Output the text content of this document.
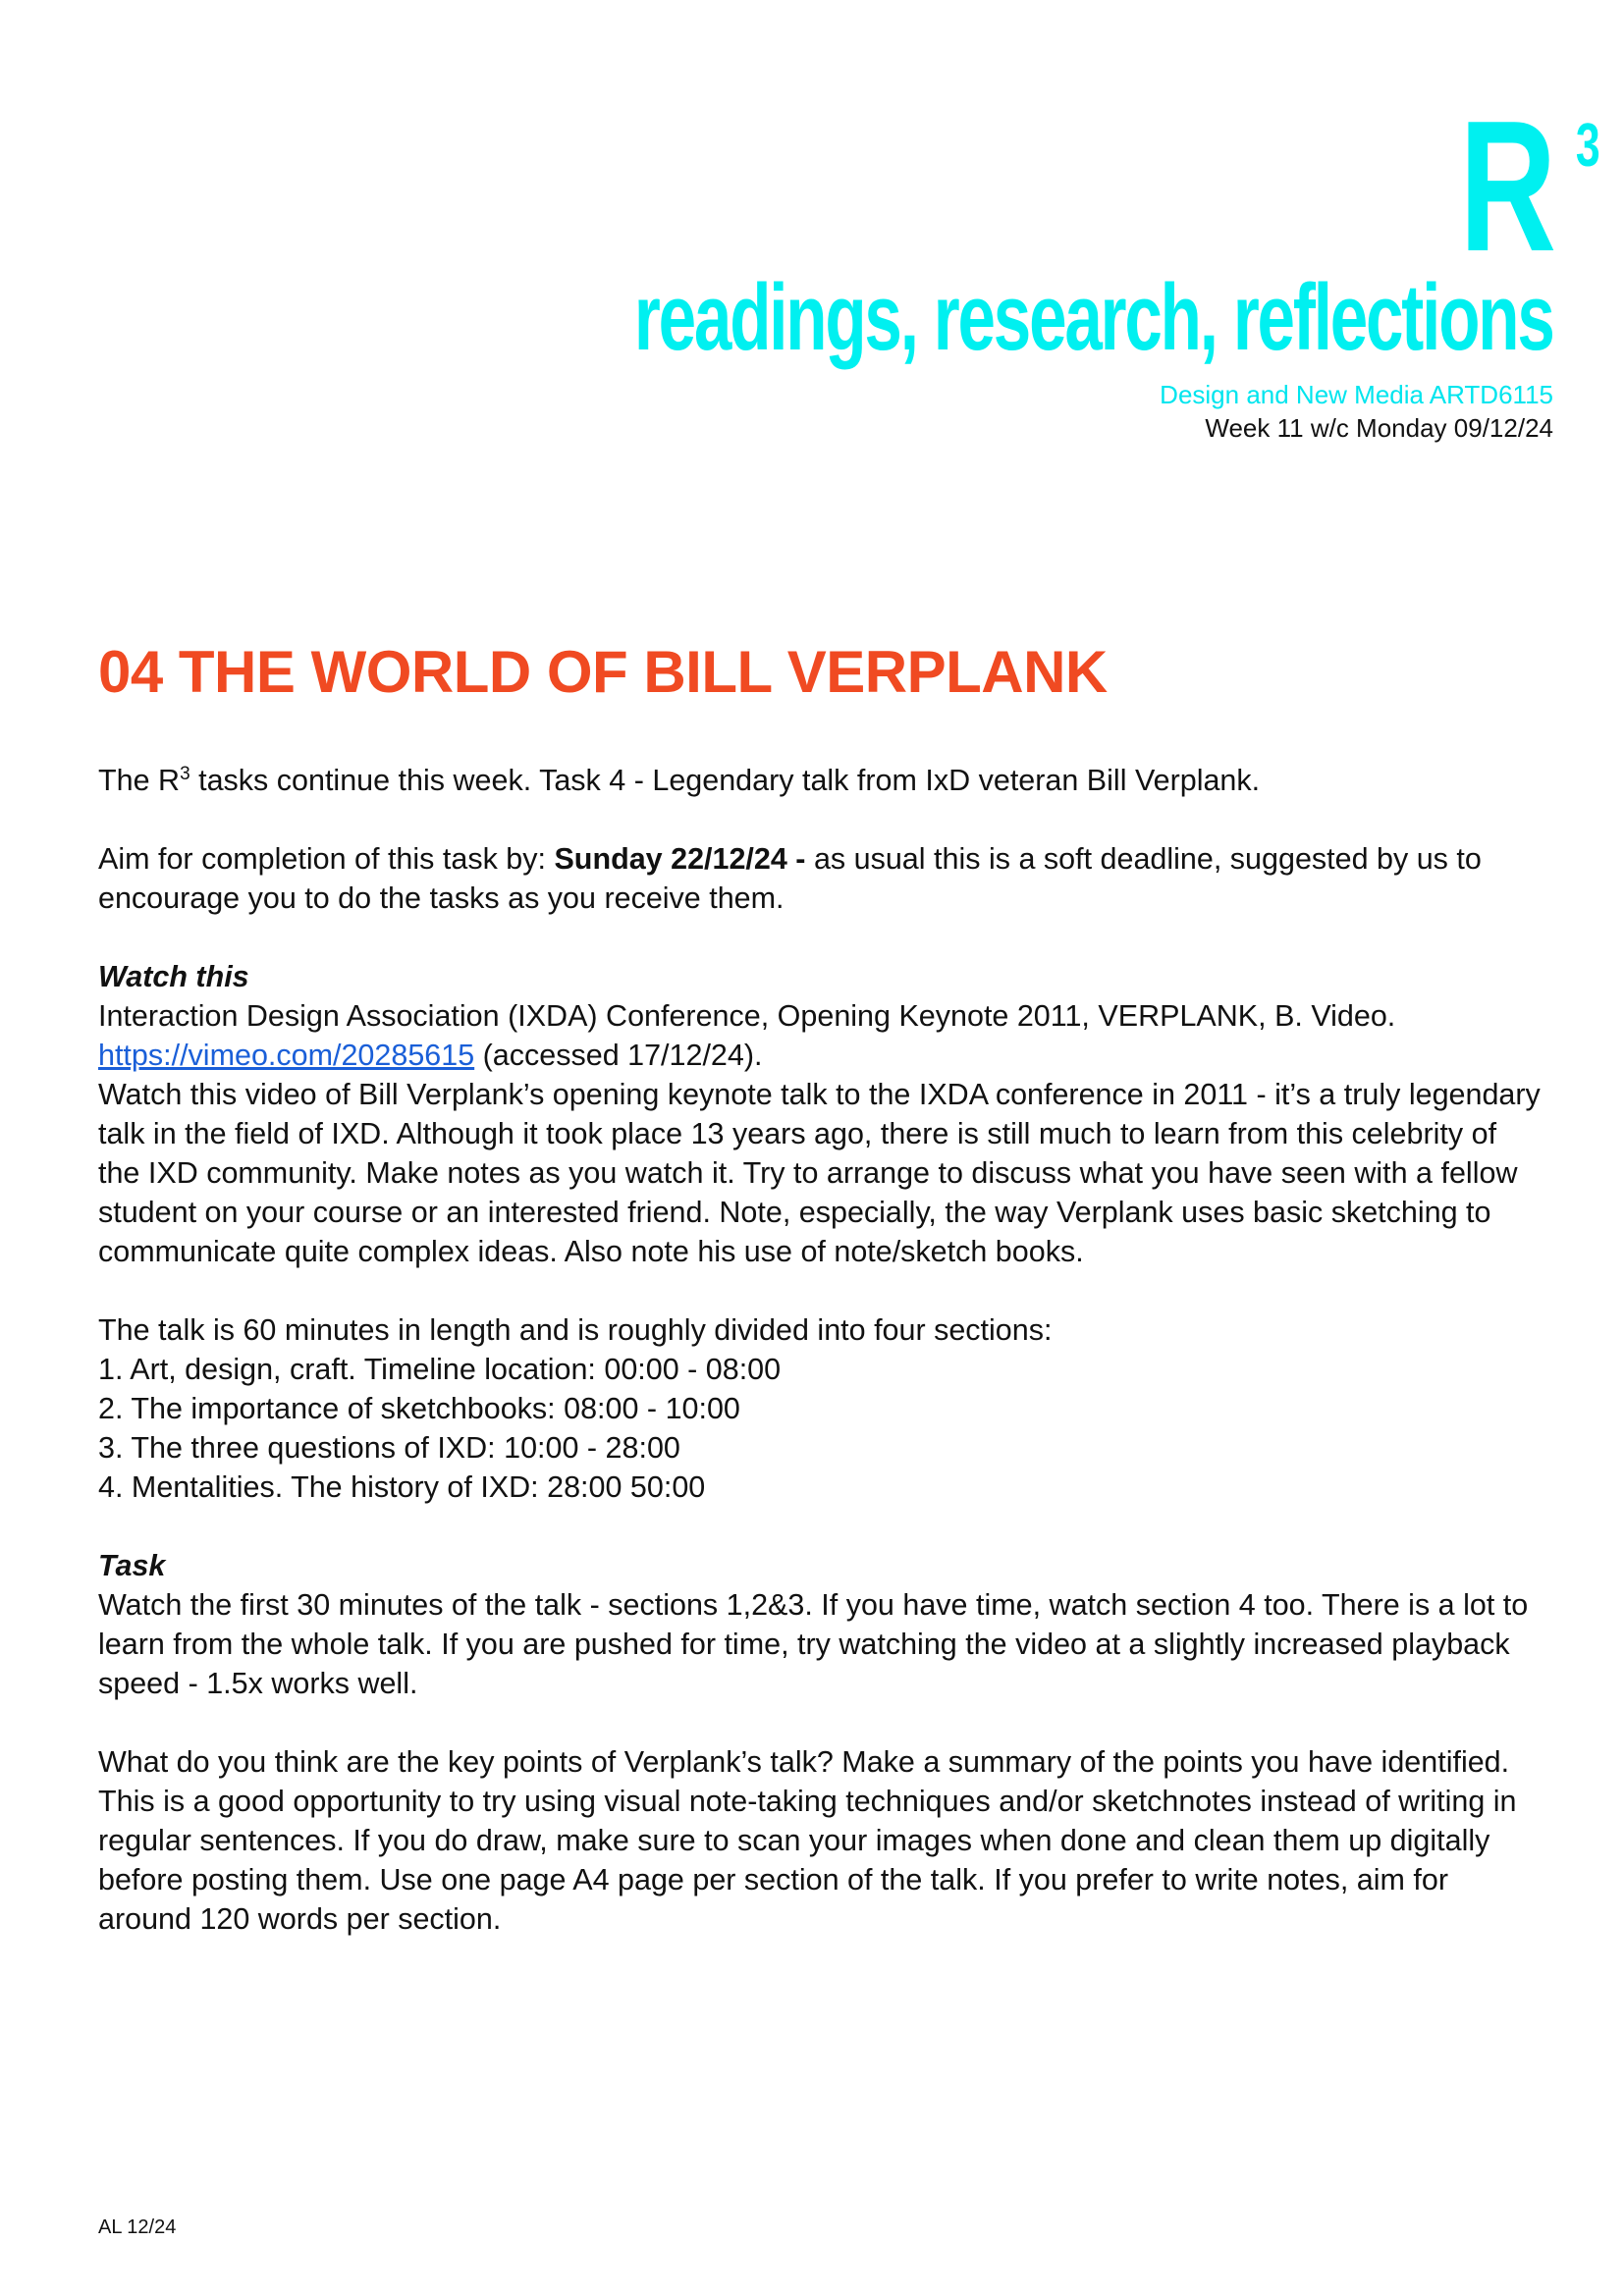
R 3
readings, research, reflections
Design and New Media ARTD6115
Week 11 w/c Monday 09/12/24
04 THE WORLD OF BILL VERPLANK

The $R^3$ tasks continue this week. Task 4 - Legendary talk from IxD veteran Bill Verplank.

Aim for completion of this task by: Sunday 22/12/24 - as usual this is a soft deadline, suggested by us to encourage you to do the tasks as you receive them.

Watch this
Interaction Design Association (IXDA) Conference, Opening Keynote 2011, VERPLANK, B. Video.
https://vimeo.com/20285615 (accessed 17/12/24).
Watch this video of Bill Verplank’s opening keynote talk to the IXDA conference in 2011 - it’s a truly legendary talk in the field of IXD. Although it took place 13 years ago, there is still much to learn from this celebrity of the IXD community. Make notes as you watch it. Try to arrange to discuss what you have seen with a fellow student on your course or an interested friend. Note, especially, the way Verplank uses basic sketching to communicate quite complex ideas. Also note his use of note/sketch books.

The talk is 60 minutes in length and is roughly divided into four sections:

1. Art, design, craft. Timeline location: 00:00 - 08:00
2. The importance of sketchbooks: 08:00 - 10:00
3. The three questions of IXD: 10:00 - 28:00
4. Mentalities. The history of IXD: 28:00 50:00

Task
Watch the first 30 minutes of the talk - sections 1,2&3. If you have time, watch section 4 too. There is a lot to learn from the whole talk. If you are pushed for time, try watching the video at a slightly increased playback speed - 1.5x works well.

What do you think are the key points of Verplank’s talk? Make a summary of the points you have identified. This is a good opportunity to try using visual note-taking techniques and/or sketchnotes instead of writing in regular sentences. If you do draw, make sure to scan your images when done and clean them up digitally before posting them. Use one page A4 page per section of the talk. If you prefer to write notes, aim for around 120 words per section.

AL 12/24
